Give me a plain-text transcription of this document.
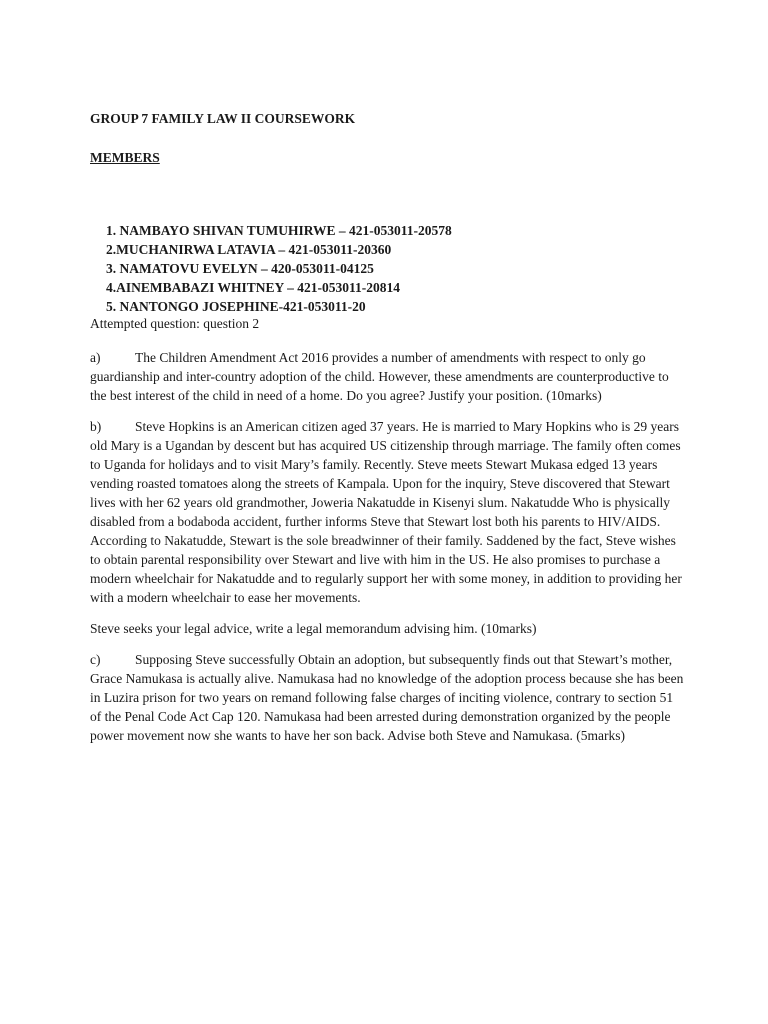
GROUP 7 FAMILY LAW II COURSEWORK

MEMBERS

1. NAMBAYO SHIVAN TUMUHIRWE – 421-053011-20578
2.MUCHANIRWA LATAVIA – 421-053011-20360
3. NAMATOVU EVELYN – 420-053011-04125
4.AINEMBABAZI WHITNEY – 421-053011-20814
5. NANTONGO JOSEPHINE-421-053011-20

Attempted question: question 2

a)	The Children Amendment Act 2016 provides a number of amendments with respect to only go guardianship and inter-country adoption of the child. However, these amendments are counterproductive to the best interest of the child in need of a home. Do you agree? Justify your position. (10marks)

b)	Steve Hopkins is an American citizen aged 37 years. He is married to Mary Hopkins who is 29 years old Mary is a Ugandan by descent but has acquired US citizenship through marriage. The family often comes to Uganda for holidays and to visit Mary’s family. Recently. Steve meets Stewart Mukasa edged 13 years vending roasted tomatoes along the streets of Kampala. Upon for the inquiry, Steve discovered that Stewart lives with her 62 years old grandmother, Joweria Nakatudde in Kisenyi slum. Nakatudde Who is physically disabled from a bodaboda accident, further informs Steve that Stewart lost both his parents to HIV/AIDS. According to Nakatudde, Stewart is the sole breadwinner of their family. Saddened by the fact, Steve wishes to obtain parental responsibility over Stewart and live with him in the US. He also promises to purchase a modern wheelchair for Nakatudde and to regularly support her with some money, in addition to providing her with a modern wheelchair to ease her movements.

Steve seeks your legal advice, write a legal memorandum advising him. (10marks)

c)	Supposing Steve successfully Obtain an adoption, but subsequently finds out that Stewart’s mother, Grace Namukasa is actually alive. Namukasa had no knowledge of the adoption process because she has been in Luzira prison for two years on remand following false charges of inciting violence, contrary to section 51 of the Penal Code Act Cap 120. Namukasa had been arrested during demonstration organized by the people power movement now she wants to have her son back. Advise both Steve and Namukasa. (5marks)
